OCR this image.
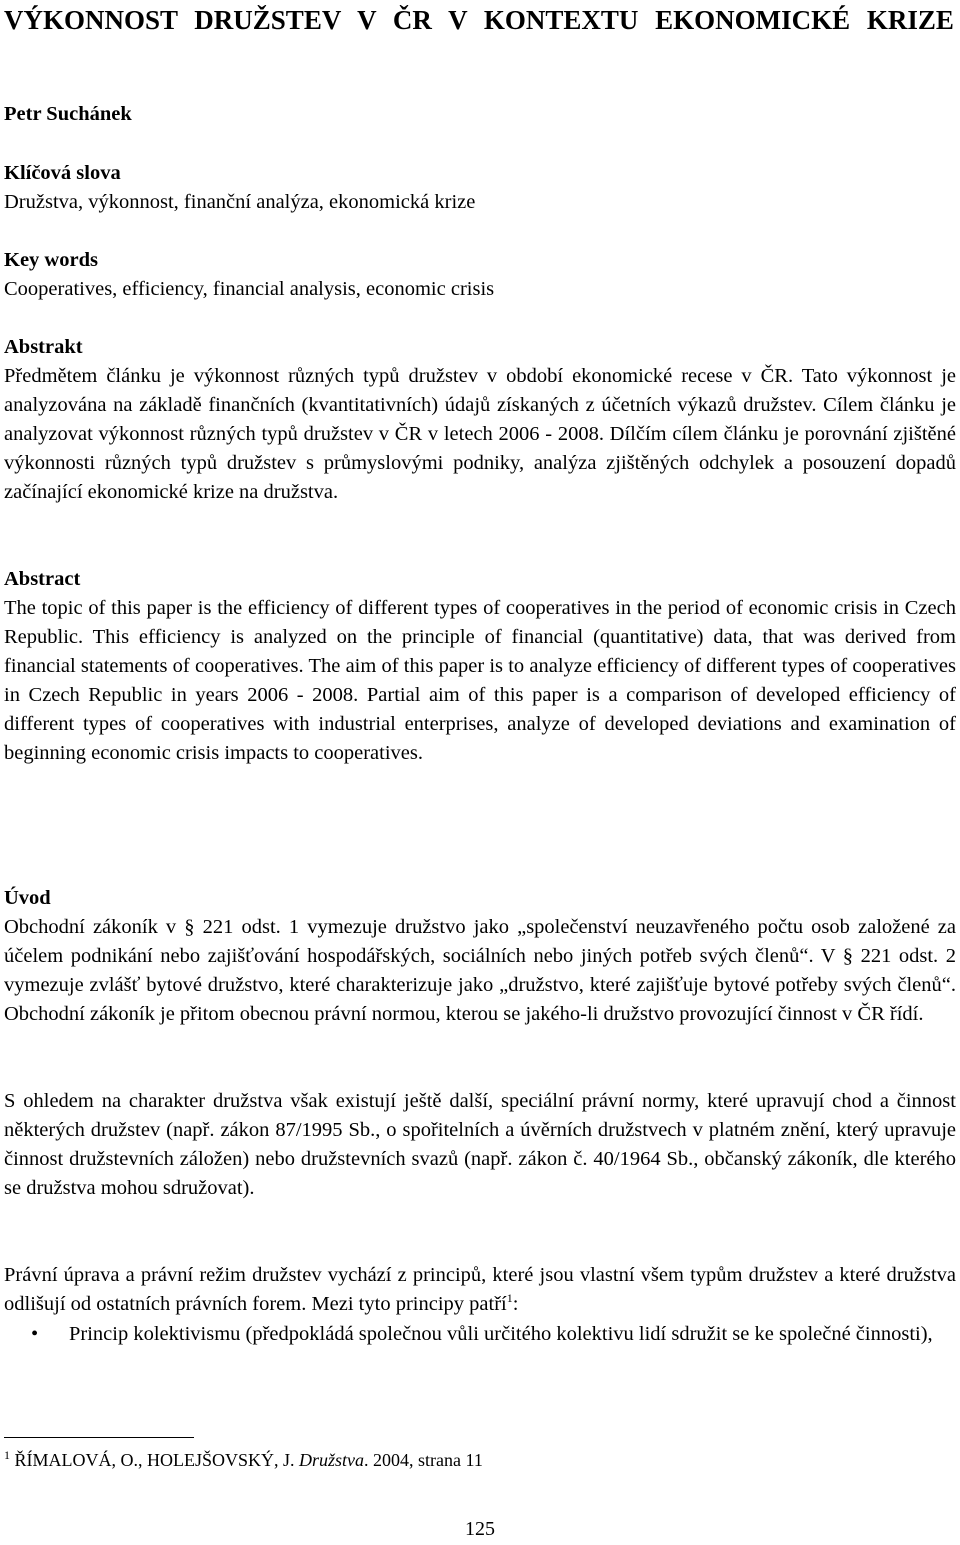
VÝKONNOST DRUŽSTEV V ČR V KONTEXTU EKONOMICKÉ KRIZE
Petr Suchánek
Klíčová slova
Družstva, výkonnost, finanční analýza, ekonomická krize
Key words
Cooperatives, efficiency, financial analysis, economic crisis
Abstrakt
Předmětem článku je výkonnost různých typů družstev v období ekonomické recese v ČR. Tato výkonnost je analyzována na základě finančních (kvantitativních) údajů získaných z účetních výkazů družstev. Cílem článku je analyzovat výkonnost různých typů družstev v ČR v letech 2006 - 2008. Dílčím cílem článku je porovnání zjištěné výkonnosti různých typů družstev s průmyslovými podniky, analýza zjištěných odchylek a posouzení dopadů začínající ekonomické krize na družstva.
Abstract
The topic of this paper is the efficiency of different types of cooperatives in the period of economic crisis in Czech Republic. This efficiency is analyzed on the principle of financial (quantitative) data, that was derived from financial statements of cooperatives. The aim of this paper is to analyze efficiency of different types of cooperatives in Czech Republic in years 2006 - 2008. Partial aim of this paper is a comparison of developed efficiency of different types of cooperatives with industrial enterprises, analyze of developed deviations and examination of beginning economic crisis impacts to cooperatives.
Úvod
Obchodní zákoník v § 221 odst. 1 vymezuje družstvo jako „společenství neuzavřeného počtu osob založené za účelem podnikání nebo zajišťování hospodářských, sociálních nebo jiných potřeb svých členů“. V § 221 odst. 2 vymezuje zvlášť bytové družstvo, které charakterizuje jako „družstvo, které zajišťuje bytové potřeby svých členů“. Obchodní zákoník je přitom obecnou právní normou, kterou se jakého-li družstvo provozující činnost v ČR řídí.
S ohledem na charakter družstva však existují ještě další, speciální právní normy, které upravují chod a činnost některých družstev (např. zákon 87/1995 Sb., o spořitelních a úvěrních družstvech v platném znění, který upravuje činnost družstevních záložen) nebo družstevních svazů (např. zákon č. 40/1964 Sb., občanský zákoník, dle kterého se družstva mohou sdružovat).
Právní úprava a právní režim družstev vychází z principů, které jsou vlastní všem typům družstev a které družstva odlišují od ostatních právních forem. Mezi tyto principy patří$^1$:
• Princip kolektivismu (předpokládá společnou vůli určitého kolektivu lidí sdružit se ke společné činnosti),
$^1$ ŘÍMALOVÁ, O., HOLEJŠOVSKÝ, J. Družstva. 2004, strana 11
125
